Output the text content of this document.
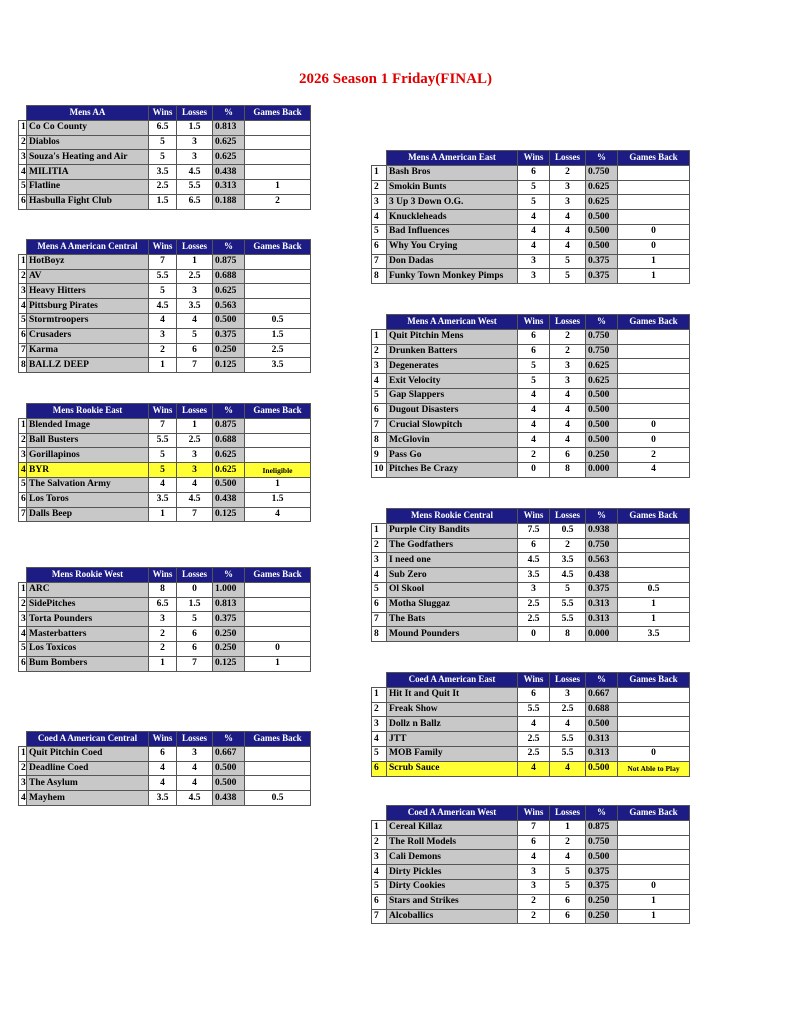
2026 Season 1 Friday(FINAL)
	Mens AA	Wins	Losses	%	Games Back
1	Co Co County	6.5	1.5	0.813	
2	Diablos	5	3	0.625	
3	Souza's Heating and Air	5	3	0.625	
4	MILITIA	3.5	4.5	0.438	
5	Flatline	2.5	5.5	0.313	1
6	Hasbulla Fight Club	1.5	6.5	0.188	2
	Mens A American Central	Wins	Losses	%	Games Back
1	HotBoyz	7	1	0.875	
2	AV	5.5	2.5	0.688	
3	Heavy Hitters	5	3	0.625	
4	Pittsburg Pirates	4.5	3.5	0.563	
5	Stormtroopers	4	4	0.500	0.5
6	Crusaders	3	5	0.375	1.5
7	Karma	2	6	0.250	2.5
8	BALLZ DEEP	1	7	0.125	3.5
	Mens Rookie East	Wins	Losses	%	Games Back
1	Blended Image	7	1	0.875	
2	Ball Busters	5.5	2.5	0.688	
3	Gorillapinos	5	3	0.625	
4	BYR	5	3	0.625	Ineligible
5	The Salvation Army	4	4	0.500	1
6	Los Toros	3.5	4.5	0.438	1.5
7	Dalls Beep	1	7	0.125	4
	Mens Rookie West	Wins	Losses	%	Games Back
1	ARC	8	0	1.000	
2	SidePitches	6.5	1.5	0.813	
3	Torta Pounders	3	5	0.375	
4	Masterbatters	2	6	0.250	
5	Los Toxicos	2	6	0.250	0
6	Bum Bombers	1	7	0.125	1
	Coed A American Central	Wins	Losses	%	Games Back
1	Quit Pitchin Coed	6	3	0.667	
2	Deadline Coed	4	4	0.500	
3	The Asylum	4	4	0.500	
4	Mayhem	3.5	4.5	0.438	0.5
	Mens A American East	Wins	Losses	%	Games Back
1	Bash Bros	6	2	0.750	
2	Smokin Bunts	5	3	0.625	
3	3 Up 3 Down O.G.	5	3	0.625	
4	Knuckleheads	4	4	0.500	
5	Bad Influences	4	4	0.500	0
6	Why You Crying	4	4	0.500	0
7	Don Dadas	3	5	0.375	1
8	Funky Town Monkey Pimps	3	5	0.375	1
	Mens A American West	Wins	Losses	%	Games Back
1	Quit Pitchin Mens	6	2	0.750	
2	Drunken Batters	6	2	0.750	
3	Degenerates	5	3	0.625	
4	Exit Velocity	5	3	0.625	
5	Gap Slappers	4	4	0.500	
6	Dugout Disasters	4	4	0.500	
7	Crucial Slowpitch	4	4	0.500	0
8	McGlovin	4	4	0.500	0
9	Pass Go	2	6	0.250	2
10	Pitches Be Crazy	0	8	0.000	4
	Mens Rookie Central	Wins	Losses	%	Games Back
1	Purple City Bandits	7.5	0.5	0.938	
2	The Godfathers	6	2	0.750	
3	I need one	4.5	3.5	0.563	
4	Sub Zero	3.5	4.5	0.438	
5	Ol Skool	3	5	0.375	0.5
6	Motha Sluggaz	2.5	5.5	0.313	1
7	The Bats	2.5	5.5	0.313	1
8	Mound Pounders	0	8	0.000	3.5
	Coed A American East	Wins	Losses	%	Games Back
1	Hit It and Quit It	6	3	0.667	
2	Freak Show	5.5	2.5	0.688	
3	Dollz n Ballz	4	4	0.500	
4	JTT	2.5	5.5	0.313	
5	MOB Family	2.5	5.5	0.313	0
6	Scrub Sauce	4	4	0.500	Not Able to Play
	Coed A American West	Wins	Losses	%	Games Back
1	Cereal Killaz	7	1	0.875	
2	The Roll Models	6	2	0.750	
3	Cali Demons	4	4	0.500	
4	Dirty Pickles	3	5	0.375	
5	Dirty Cookies	3	5	0.375	0
6	Stars and Strikes	2	6	0.250	1
7	Alcoballics	2	6	0.250	1
